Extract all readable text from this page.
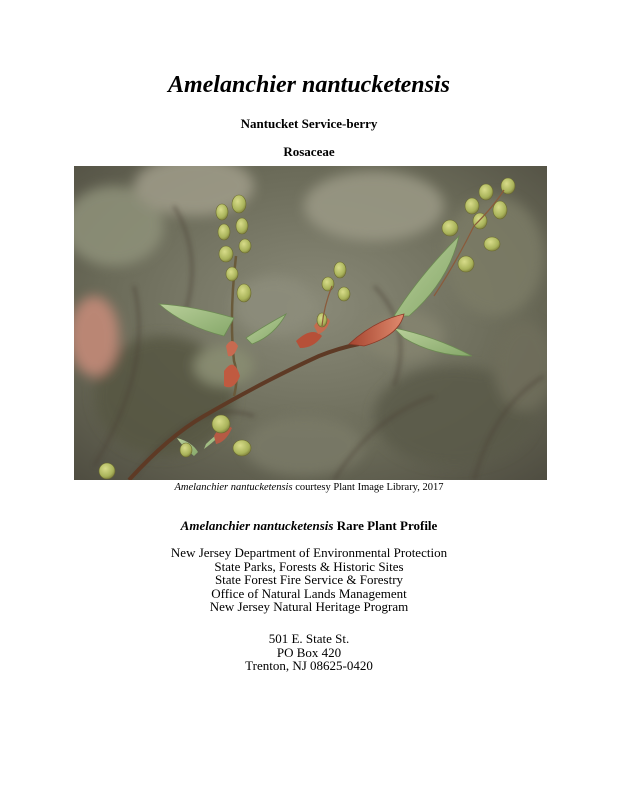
Amelanchier nantucketensis
Nantucket Service-berry
Rosaceae
Amelanchier nantucketensis courtesy Plant Image Library, 2017
Amelanchier nantucketensis Rare Plant Profile
New Jersey Department of Environmental Protection
State Parks, Forests & Historic Sites
State Forest Fire Service & Forestry
Office of Natural Lands Management
New Jersey Natural Heritage Program
501 E. State St.
PO Box 420
Trenton, NJ 08625-0420
